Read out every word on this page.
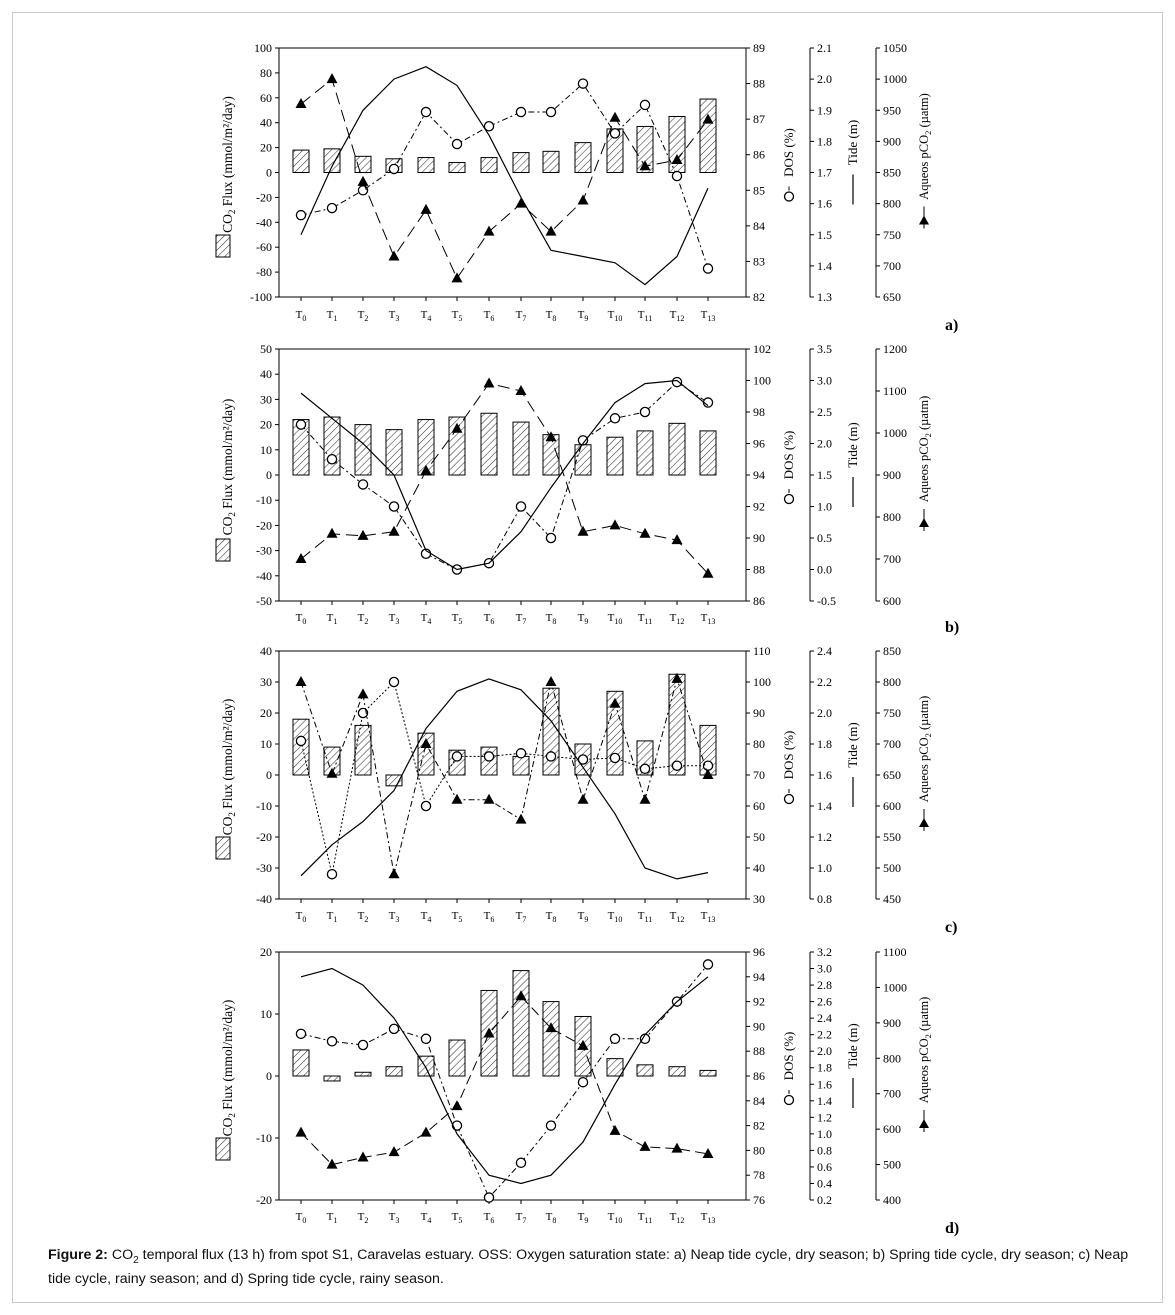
$T_0$ $T_1$ $T_2$ $T_3$ $T_4$ $T_5$ $T_6$ $T_7$ $T_8$ $T_9$ $T_{10}$ $T_{11}$ $T_{12}$ $T_{13}$
100
80
60
40
20
0
-20
-40
-60
-80
-100
$CO_2$ Flux (mmol/m²/day)
89
88
87
86
85
84
83
82
2.1
2.0
1.9
1.8
1.7
1.6
1.5
1.4
1.3
1050
1000
950
900
850
800
750
700
650
DOS (%)	Tide (m)	Aqueos pCO$_2$ (µatm)
a)
$T_0$ $T_1$ $T_2$ $T_3$ $T_4$ $T_5$ $T_6$ $T_7$ $T_8$ $T_9$ $T_{10}$ $T_{11}$ $T_{12}$ $T_{13}$
50
40
30
20
10
0
-10
-20
-30
-40
-50
$CO_2$ Flux (mmol/m²/day)
102
100
98
96
94
92
90
88
86
3.5
3.0
2.5
2.0
1.5
1.0
0.5
0.0
-0.5
1200
1100
1000
900
800
700
600
DOS (%)	Tide (m)	Aqueos pCO$_2$ (µatm)
b)
$T_0$ $T_1$ $T_2$ $T_3$ $T_4$ $T_5$ $T_6$ $T_7$ $T_8$ $T_9$ $T_{10}$ $T_{11}$ $T_{12}$ $T_{13}$
40
30
20
10
0
-10
-20
-30
-40
$CO_2$ Flux (mmol/m²/day)
110
100
90
80
70
60
50
40
30
2.4
2.2
2.0
1.8
1.6
1.4
1.2
1.0
0.8
850
800
750
700
650
600
550
500
450
DOS (%)	Tide (m)	Aqueos pCO$_2$ (µatm)
c)
$T_0$ $T_1$ $T_2$ $T_3$ $T_4$ $T_5$ $T_6$ $T_7$ $T_8$ $T_9$ $T_{10}$ $T_{11}$ $T_{12}$ $T_{13}$
20
10
0
-10
-20
$CO_2$ Flux (mmol/m²/day)
96
94
92
90
88
86
84
82
80
78
76
3.2
3.0
2.8
2.6
2.4
2.2
2.0
1.8
1.6
1.4
1.2
1.0
0.8
0.6
0.4
0.2
1100
1000
900
800
700
600
500
400
DOS (%)	Tide (m)	Aqueos pCO$_2$ (µatm)
d)
Figure 2: $CO_2$ temporal flux (13 h) from spot S1, Caravelas estuary. OSS: Oxygen saturation state: a) Neap tide cycle, dry season; b) Spring tide cycle, dry season; c) Neap tide cycle, rainy season; and d) Spring tide cycle, rainy season.
